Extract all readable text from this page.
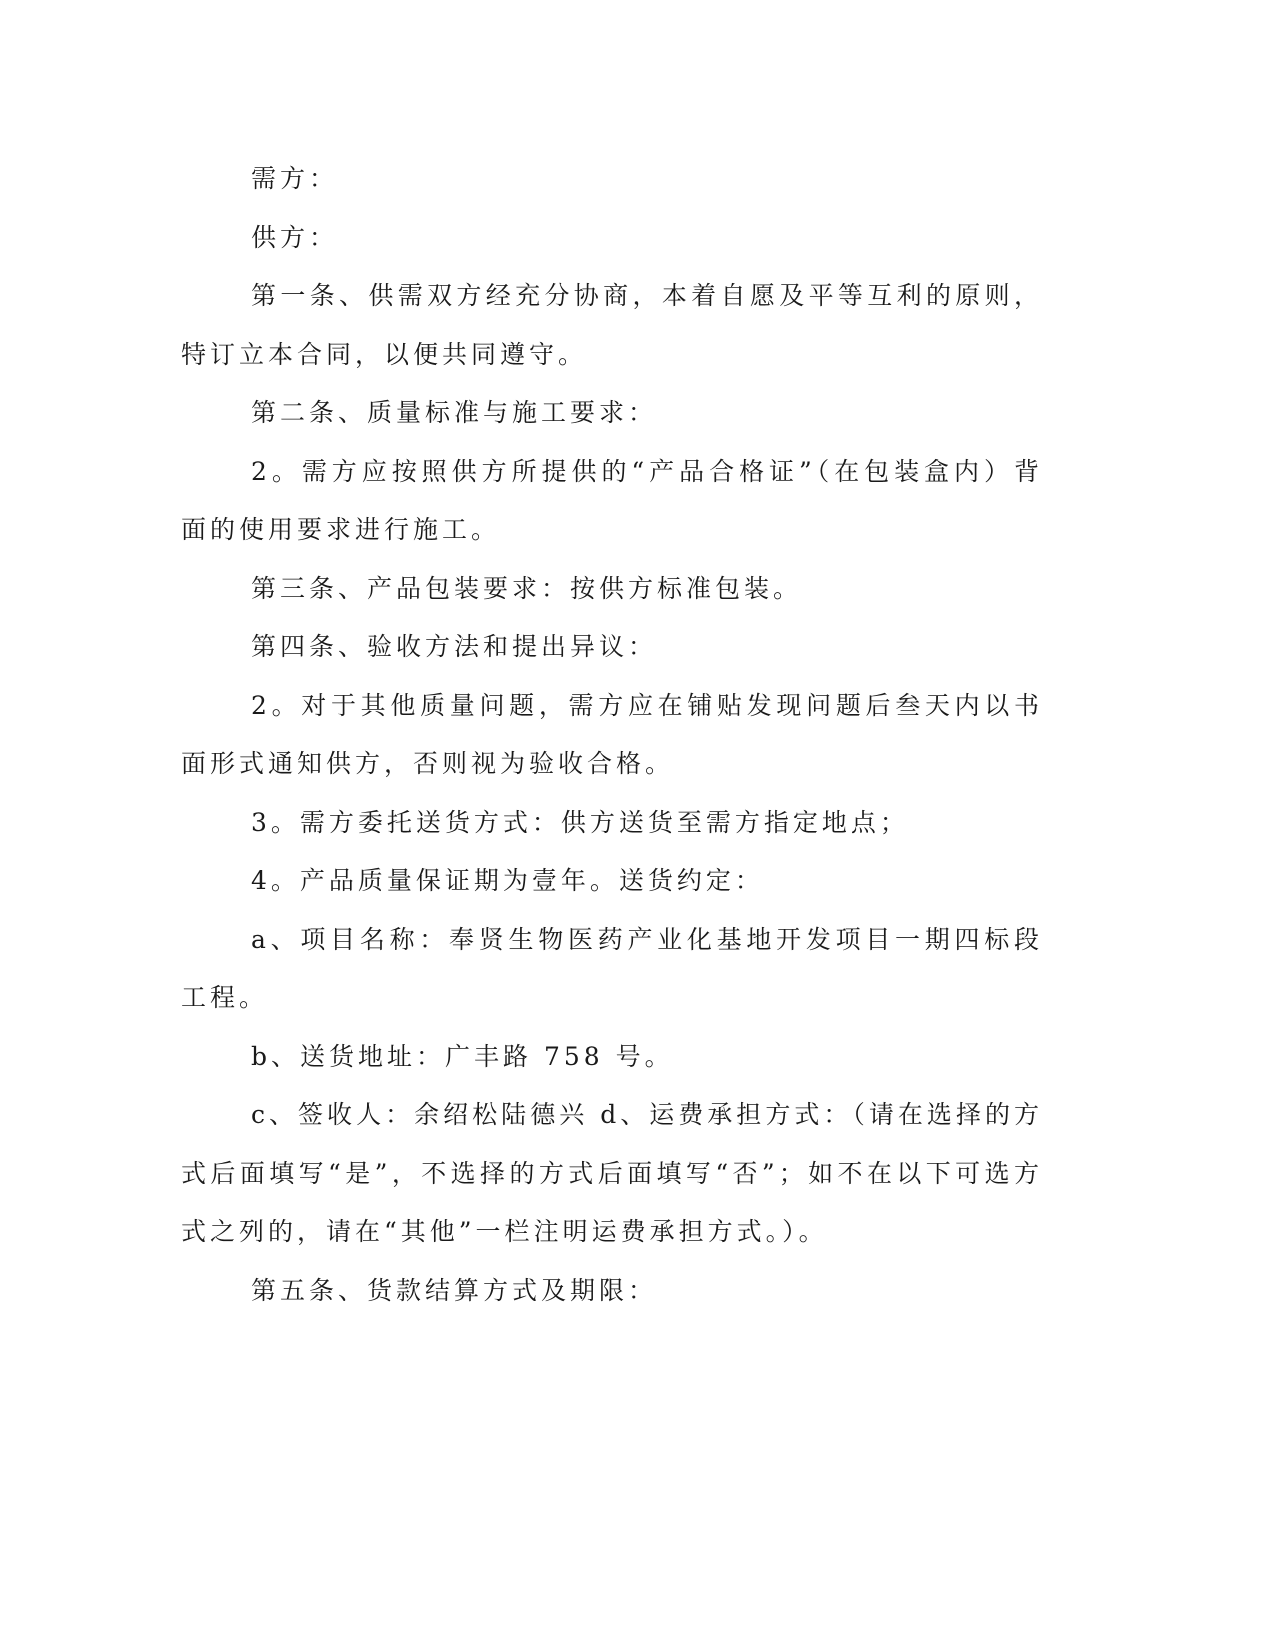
需方：

供方：

第一条、供需双方经充分协商，本着自愿及平等互利的原则，特订立本合同，以便共同遵守。

第二条、质量标准与施工要求：

2。需方应按照供方所提供的“产品合格证”（在包装盒内）背面的使用要求进行施工。

第三条、产品包装要求：按供方标准包装。

第四条、验收方法和提出异议：

2。对于其他质量问题，需方应在铺贴发现问题后叁天内以书面形式通知供方，否则视为验收合格。

3。需方委托送货方式：供方送货至需方指定地点；

4。产品质量保证期为壹年。送货约定：

a、项目名称：奉贤生物医药产业化基地开发项目一期四标段工程。

b、送货地址：广丰路 758 号。

c、签收人：余绍松陆德兴 d、运费承担方式：（请在选择的方式后面填写“是”，不选择的方式后面填写“否”；如不在以下可选方式之列的，请在“其他”一栏注明运费承担方式。）。

第五条、货款结算方式及期限：
